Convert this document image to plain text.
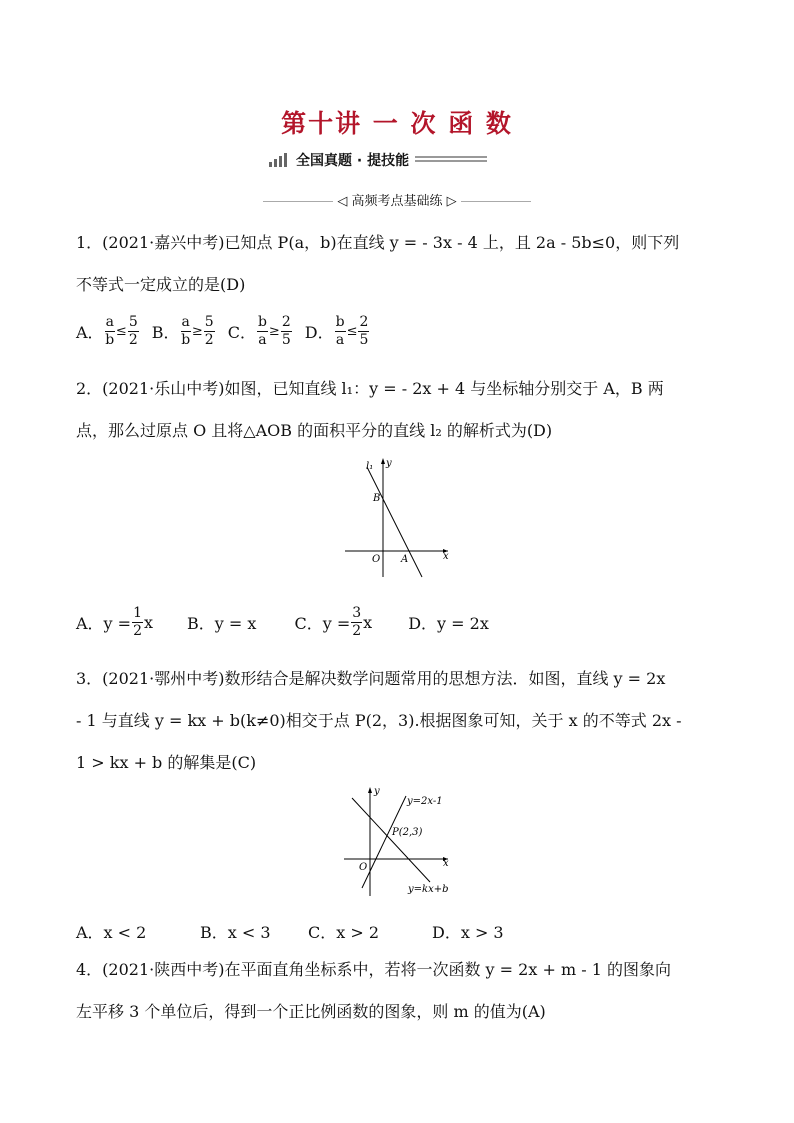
第十讲 一 次 函 数
全国真题 · 提技能
◁ 高频考点基础练 ▷
1．(2021·嘉兴中考)已知点 P(a，b)在直线 y = - 3x - 4 上，且 2a - 5b≤0，则下列
不等式一定成立的是(D)
A． $\frac{a}{b} \le \frac{5}{2}$ B． $\frac{a}{b} \ge \frac{5}{2}$ C． $\frac{b}{a} \ge \frac{2}{5}$ D． $\frac{b}{a} \le \frac{2}{5}$
2．(2021·乐山中考)如图，已知直线 l₁：y = - 2x + 4 与坐标轴分别交于 A，B 两
点，那么过原点 O 且将△AOB 的面积平分的直线 l₂ 的解析式为(D)
l₁ y
B
O A	x
A．$y = \frac{1}{2}$ x B．y = x C．$y = \frac{3}{2}$ x D．y = 2x
3．(2021·鄂州中考)数形结合是解决数学问题常用的思想方法．如图，直线 y = 2x
- 1 与直线 y = kx + b(k≠0)相交于点 P(2，3).根据图象可知，关于 x 的不等式 2x -
1 > kx + b 的解集是(C)
y
y=2x-1
P(2,3)
O	x
y=kx+b
A．x < 2	B．x < 3	C．x > 2	D．x > 3
4．(2021·陕西中考)在平面直角坐标系中，若将一次函数 y = 2x + m - 1 的图象向
左平移 3 个单位后，得到一个正比例函数的图象，则 m 的值为(A)
